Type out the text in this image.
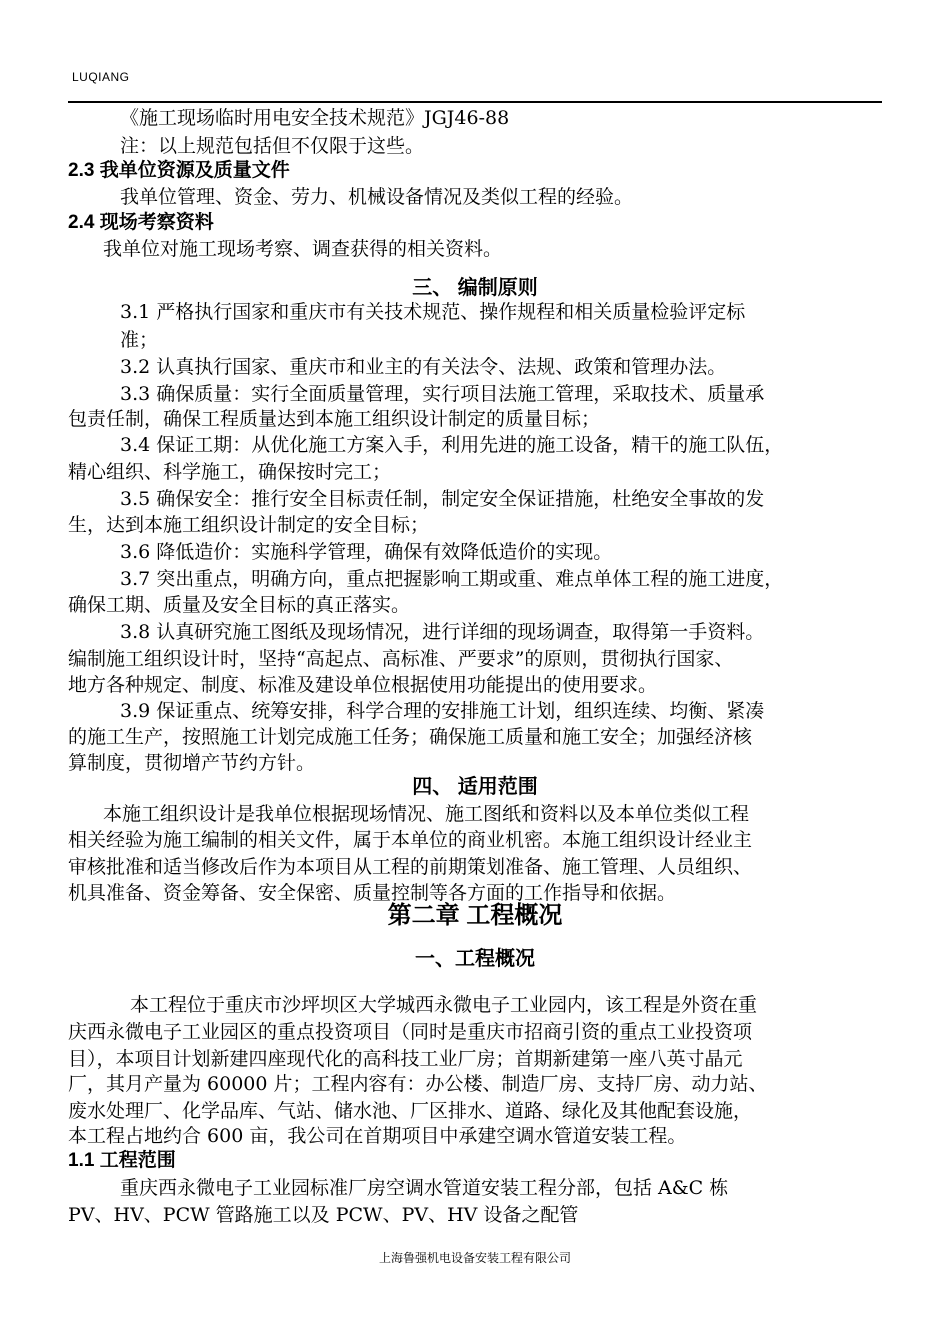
LUQIANG
《施工现场临时用电安全技术规范》JGJ46-88
注：以上规范包括但不仅限于这些。
2.3 我单位资源及质量文件
我单位管理、资金、劳力、机械设备情况及类似工程的经验。
2.4 现场考察资料
我单位对施工现场考察、调查获得的相关资料。
三、 编制原则
3.1 严格执行国家和重庆市有关技术规范、操作规程和相关质量检验评定标
准；
3.2 认真执行国家、重庆市和业主的有关法令、法规、政策和管理办法。
3.3 确保质量：实行全面质量管理，实行项目法施工管理，采取技术、质量承
包责任制，确保工程质量达到本施工组织设计制定的质量目标；
3.4 保证工期：从优化施工方案入手，利用先进的施工设备，精干的施工队伍，
精心组织、科学施工，确保按时完工；
3.5 确保安全：推行安全目标责任制，制定安全保证措施，杜绝安全事故的发
生，达到本施工组织设计制定的安全目标；
3.6 降低造价：实施科学管理，确保有效降低造价的实现。
3.7 突出重点，明确方向，重点把握影响工期或重、难点单体工程的施工进度，
确保工期、质量及安全目标的真正落实。
3.8 认真研究施工图纸及现场情况，进行详细的现场调查，取得第一手资料。
编制施工组织设计时，坚持“高起点、高标准、严要求”的原则，贯彻执行国家、
地方各种规定、制度、标准及建设单位根据使用功能提出的使用要求。
3.9 保证重点、统筹安排，科学合理的安排施工计划，组织连续、均衡、紧凑
的施工生产，按照施工计划完成施工任务；确保施工质量和施工安全；加强经济核
算制度，贯彻增产节约方针。
四、 适用范围
本施工组织设计是我单位根据现场情况、施工图纸和资料以及本单位类似工程
相关经验为施工编制的相关文件，属于本单位的商业机密。本施工组织设计经业主
审核批准和适当修改后作为本项目从工程的前期策划准备、施工管理、人员组织、
机具准备、资金筹备、安全保密、质量控制等各方面的工作指导和依据。
第二章 工程概况
一、工程概况
本工程位于重庆市沙坪坝区大学城西永微电子工业园内，该工程是外资在重
庆西永微电子工业园区的重点投资项目（同时是重庆市招商引资的重点工业投资项
目），本项目计划新建四座现代化的高科技工业厂房；首期新建第一座八英寸晶元
厂，其月产量为 60000 片；工程内容有：办公楼、制造厂房、支持厂房、动力站、
废水处理厂、化学品库、气站、储水池、厂区排水、道路、绿化及其他配套设施，
本工程占地约合 600 亩，我公司在首期项目中承建空调水管道安装工程。
1.1 工程范围
重庆西永微电子工业园标准厂房空调水管道安装工程分部，包括 A&C 栋
PV、HV、PCW 管路施工以及 PCW、PV、HV 设备之配管
上海鲁强机电设备安装工程有限公司
